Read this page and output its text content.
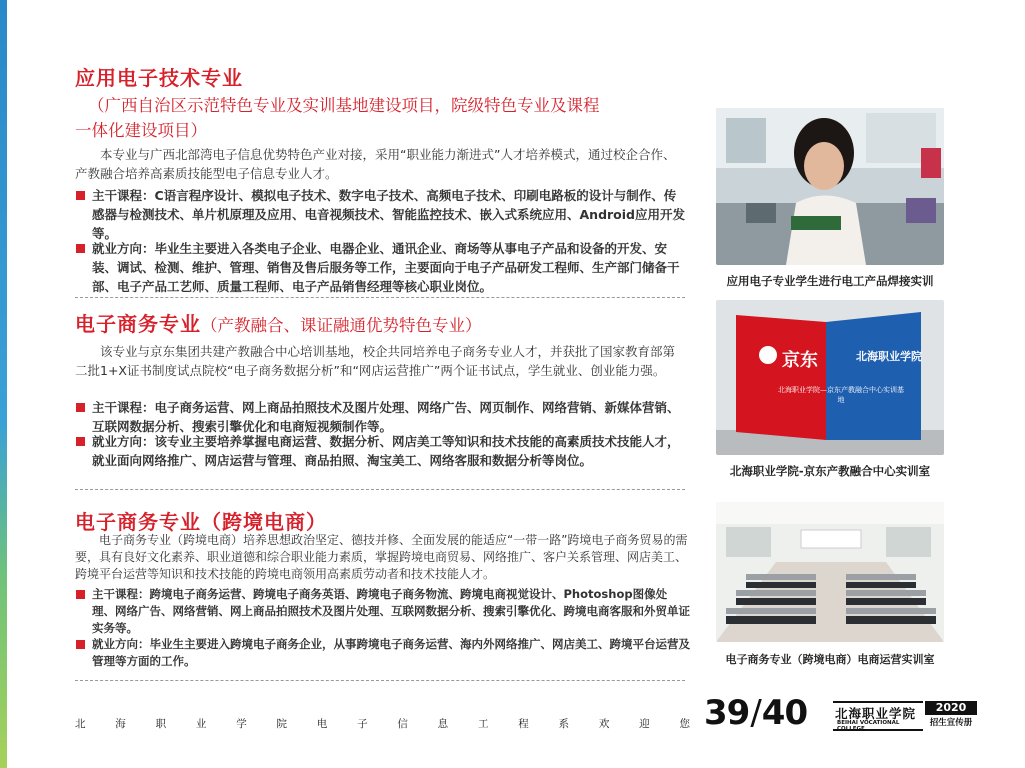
应用电子技术专业
（广西自治区示范特色专业及实训基地建设项目，院级特色专业及课程
一体化建设项目）
本专业与广西北部湾电子信息优势特色产业对接，采用“职业能力渐进式”人才培养模式，通过校企合作、产教融合培养高素质技能型电子信息专业人才。
主干课程：C语言程序设计、模拟电子技术、数字电子技术、高频电子技术、印刷电路板的设计与制作、传感器与检测技术、单片机原理及应用、电音视频技术、智能监控技术、嵌入式系统应用、Android应用开发等。
就业方向：毕业生主要进入各类电子企业、电器企业、通讯企业、商场等从事电子产品和设备的开发、安装、调试、检测、维护、管理、销售及售后服务等工作，主要面向于电子产品研发工程师、生产部门储备干部、电子产品工艺师、质量工程师、电子产品销售经理等核心职业岗位。	应用电子专业学生进行电工产品焊接实训
电子商务专业（产教融合、课证融通优势特色专业）
该专业与京东集团共建产教融合中心培训基地，校企共同培养电子商务专业人才，并获批了国家教育部第二批1+X证书制度试点院校“电子商务数据分析”和“网店运营推广”两个证书试点，学生就业、创业能力强。
主干课程：电子商务运营、网上商品拍照技术及图片处理、网络广告、网页制作、网络营销、新媒体营销、互联网数据分析、搜索引擎优化和电商短视频制作等。
就业方向：该专业主要培养掌握电商运营、数据分析、网店美工等知识和技术技能的高素质技术技能人才，就业面向网络推广、网店运营与管理、商品拍照、淘宝美工、网络客服和数据分析等岗位。
京东	北海职业学院
北海职业学院—京东产教融合中心实训基地
北海职业学院-京东产教融合中心实训室
电子商务专业（跨境电商）
电子商务专业（跨境电商）培养思想政治坚定、德技并修、全面发展的能适应“一带一路”跨境电子商务贸易的需要，具有良好文化素养、职业道德和综合职业能力素质，掌握跨境电商贸易、网络推广、客户关系管理、网店美工、跨境平台运营等知识和技术技能的跨境电商领用高素质劳动者和技术技能人才。
主干课程：跨境电子商务运营、跨境电子商务英语、跨境电子商务物流、跨境电商视觉设计、Photoshop图像处理、网络广告、网络营销、网上商品拍照技术及图片处理、互联网数据分析、搜索引擎优化、跨境电商客服和外贸单证实务等。
就业方向：毕业生主要进入跨境电子商务企业，从事跨境电子商务运营、海内外网络推广、网店美工、跨境平台运营及管理等方面的工作。	电子商务专业（跨境电商）电商运营实训室
北	海	职	业	学	院	电	子	信	息	工	程	系	欢	迎	您 39/40 北海职业学院
BEIHAI VOCATIONAL COLLEGE
2020
招生宣传册
